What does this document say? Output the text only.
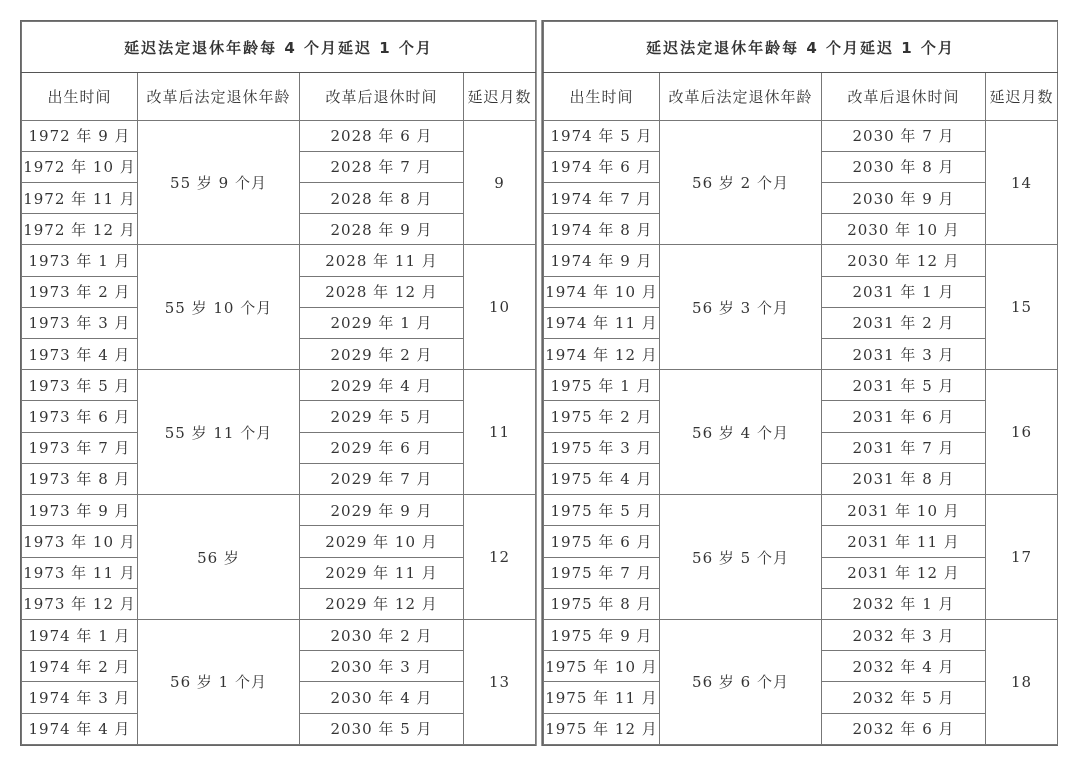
延迟法定退休年龄每 4 个月延迟 1 个月			
出生时间	改革后法定退休年龄	改革后退休时间	延迟月数
1972 年 9 月	55 岁 9 个月	2028 年 6 月	9
1972 年 10 月		2028 年 7 月	
1972 年 11 月		2028 年 8 月	
1972 年 12 月		2028 年 9 月	
1973 年 1 月	55 岁 10 个月	2028 年 11 月	10
1973 年 2 月		2028 年 12 月	
1973 年 3 月		2029 年 1 月	
1973 年 4 月		2029 年 2 月	
1973 年 5 月	55 岁 11 个月	2029 年 4 月	11
1973 年 6 月		2029 年 5 月	
1973 年 7 月		2029 年 6 月	
1973 年 8 月		2029 年 7 月	
1973 年 9 月	56 岁	2029 年 9 月	12
1973 年 10 月		2029 年 10 月	
1973 年 11 月		2029 年 11 月	
1973 年 12 月		2029 年 12 月	
1974 年 1 月	56 岁 1 个月	2030 年 2 月	13
1974 年 2 月		2030 年 3 月	
1974 年 3 月		2030 年 4 月	
1974 年 4 月		2030 年 5 月	
延迟法定退休年龄每 4 个月延迟 1 个月			
出生时间	改革后法定退休年龄	改革后退休时间	延迟月数
1974 年 5 月	56 岁 2 个月	2030 年 7 月	14
1974 年 6 月		2030 年 8 月	
1974 年 7 月		2030 年 9 月	
1974 年 8 月		2030 年 10 月	
1974 年 9 月	56 岁 3 个月	2030 年 12 月	15
1974 年 10 月		2031 年 1 月	
1974 年 11 月		2031 年 2 月	
1974 年 12 月		2031 年 3 月	
1975 年 1 月	56 岁 4 个月	2031 年 5 月	16
1975 年 2 月		2031 年 6 月	
1975 年 3 月		2031 年 7 月	
1975 年 4 月		2031 年 8 月	
1975 年 5 月	56 岁 5 个月	2031 年 10 月	17
1975 年 6 月		2031 年 11 月	
1975 年 7 月		2031 年 12 月	
1975 年 8 月		2032 年 1 月	
1975 年 9 月	56 岁 6 个月	2032 年 3 月	18
1975 年 10 月		2032 年 4 月	
1975 年 11 月		2032 年 5 月	
1975 年 12 月		2032 年 6 月	
